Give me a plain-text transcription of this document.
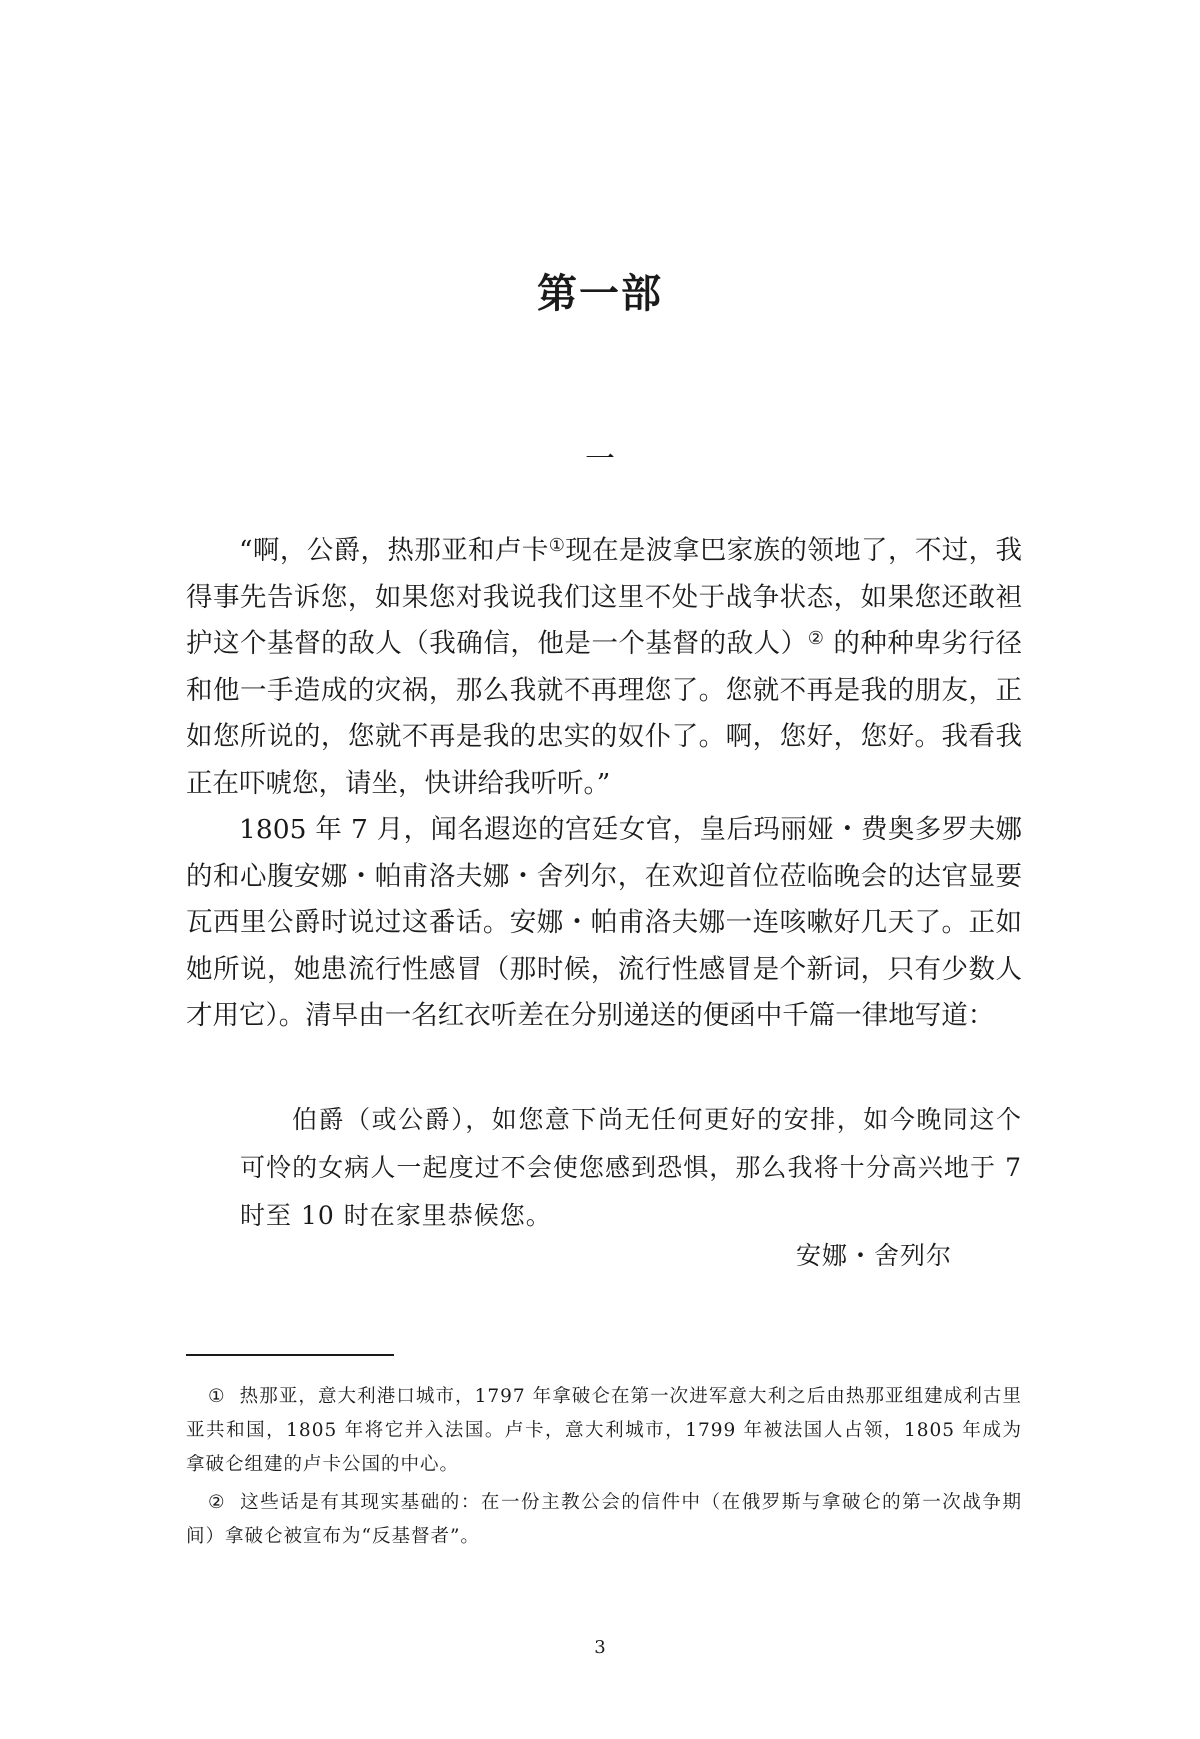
第一部
一

“啊，公爵，热那亚和卢卡①现在是波拿巴家族的领地了，不过，我得事先告诉您，如果您对我说我们这里不处于战争状态，如果您还敢袒护这个基督的敌人（我确信，他是一个基督的敌人）② 的种种卑劣行径和他一手造成的灾祸，那么我就不再理您了。您就不再是我的朋友，正如您所说的，您就不再是我的忠实的奴仆了。啊，您好，您好。我看我正在吓唬您，请坐，快讲给我听听。”

1805 年 7 月，闻名遐迩的宫廷女官，皇后玛丽娅・费奥多罗夫娜的和心腹安娜・帕甫洛夫娜・舍列尔，在欢迎首位莅临晚会的达官显要瓦西里公爵时说过这番话。安娜・帕甫洛夫娜一连咳嗽好几天了。正如她所说，她患流行性感冒（那时候，流行性感冒是个新词，只有少数人才用它）。清早由一名红衣听差在分别递送的便函中千篇一律地写道：

伯爵（或公爵），如您意下尚无任何更好的安排，如今晚同这个可怜的女病人一起度过不会使您感到恐惧，那么我将十分高兴地于 7 时至 10 时在家里恭候您。

安娜・舍列尔

① 热那亚，意大利港口城市，1797 年拿破仑在第一次进军意大利之后由热那亚组建成利古里亚共和国，1805 年将它并入法国。卢卡，意大利城市，1799 年被法国人占领，1805 年成为拿破仑组建的卢卡公国的中心。

② 这些话是有其现实基础的：在一份主教公会的信件中（在俄罗斯与拿破仑的第一次战争期间）拿破仑被宣布为“反基督者”。

3
